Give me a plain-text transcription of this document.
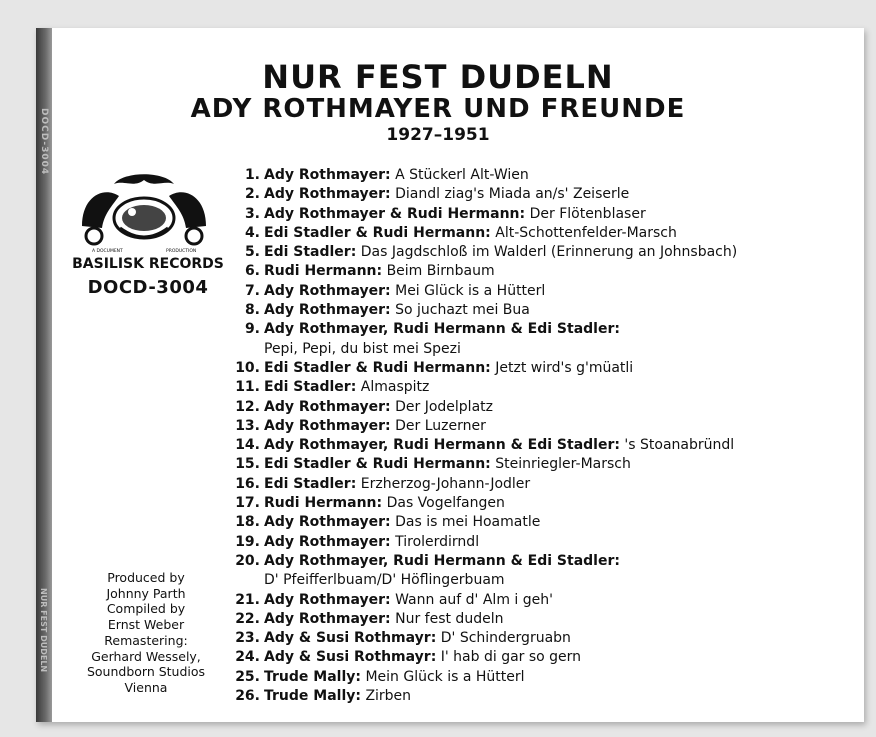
DOCD-3004
NUR FEST DUDELN
NUR FEST DUDELN
ADY ROTHMAYER UND FREUNDE
1927–1951
A DOCUMENT	PRODUCTION
BASILISK RECORDS
DOCD-3004
Produced by
Johnny Parth
Compiled by
Ernst Weber
Remastering:
Gerhard Wessely,
Soundborn Studios
Vienna
1. Ady Rothmayer: A Stückerl Alt-Wien
2. Ady Rothmayer: Diandl ziag's Miada an/s' Zeiserle
3. Ady Rothmayer & Rudi Hermann: Der Flötenblaser
4. Edi Stadler & Rudi Hermann: Alt-Schottenfelder-Marsch
5. Edi Stadler: Das Jagdschloß im Walderl (Erinnerung an Johnsbach)
6. Rudi Hermann: Beim Birnbaum
7. Ady Rothmayer: Mei Glück is a Hütterl
8. Ady Rothmayer: So juchazt mei Bua
9. Ady Rothmayer, Rudi Hermann & Edi Stadler:
Pepi, Pepi, du bist mei Spezi
10. Edi Stadler & Rudi Hermann: Jetzt wird's g'müatli
11. Edi Stadler: Almaspitz
12. Ady Rothmayer: Der Jodelplatz
13. Ady Rothmayer: Der Luzerner
14. Ady Rothmayer, Rudi Hermann & Edi Stadler: 's Stoanabründl
15. Edi Stadler & Rudi Hermann: Steinriegler-Marsch
16. Edi Stadler: Erzherzog-Johann-Jodler
17. Rudi Hermann: Das Vogelfangen
18. Ady Rothmayer: Das is mei Hoamatle
19. Ady Rothmayer: Tirolerdirndl
20. Ady Rothmayer, Rudi Hermann & Edi Stadler:
D' Pfeifferlbuam/D' Höflingerbuam
21. Ady Rothmayer: Wann auf d' Alm i geh'
22. Ady Rothmayer: Nur fest dudeln
23. Ady & Susi Rothmayr: D' Schindergruabn
24. Ady & Susi Rothmayr: I' hab di gar so gern
25. Trude Mally: Mein Glück is a Hütterl
26. Trude Mally: Zirben
